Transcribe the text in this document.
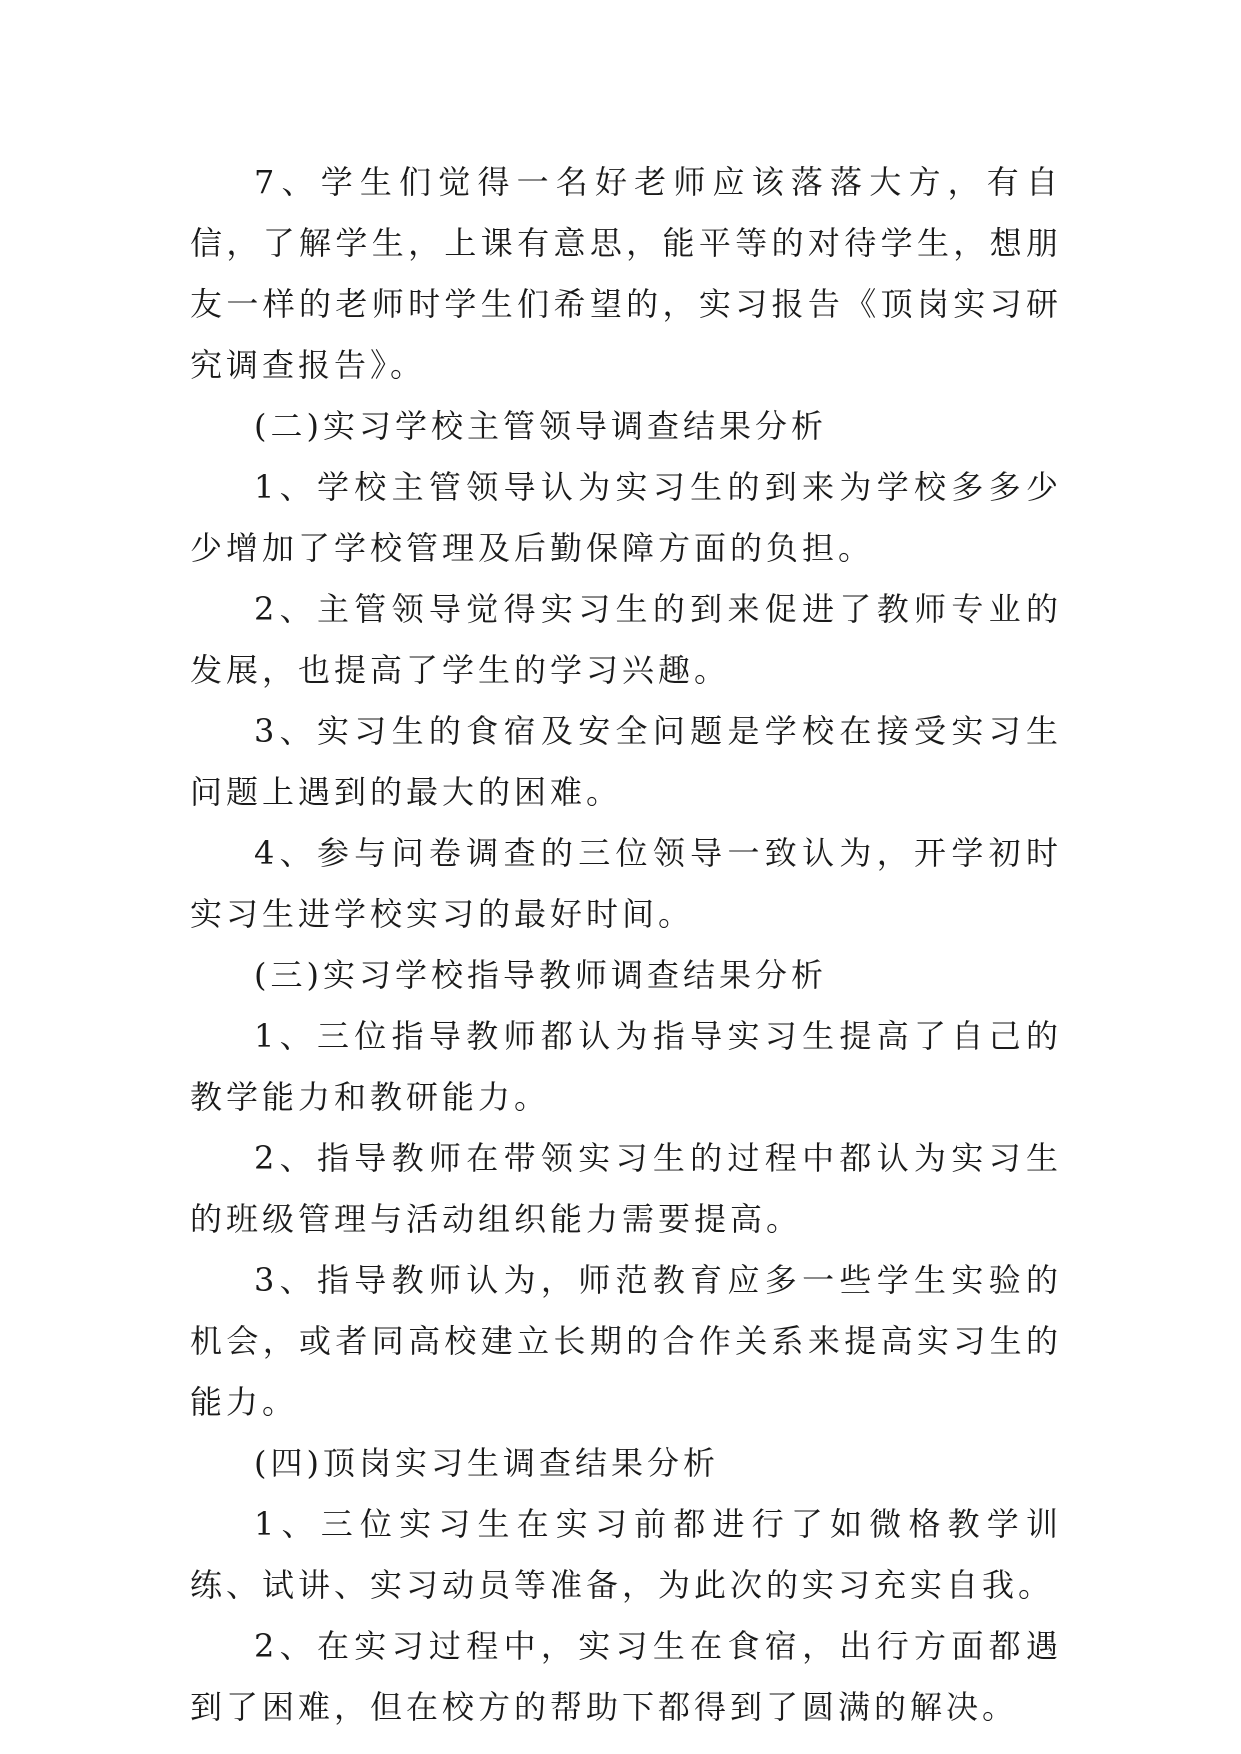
7、学生们觉得一名好老师应该落落大方，有自信，了解学生，上课有意思，能平等的对待学生，想朋友一样的老师时学生们希望的，实习报告《顶岗实习研究调查报告》。

(二)实习学校主管领导调查结果分析

1、学校主管领导认为实习生的到来为学校多多少少增加了学校管理及后勤保障方面的负担。

2、主管领导觉得实习生的到来促进了教师专业的发展，也提高了学生的学习兴趣。

3、实习生的食宿及安全问题是学校在接受实习生问题上遇到的最大的困难。

4、参与问卷调查的三位领导一致认为，开学初时实习生进学校实习的最好时间。

(三)实习学校指导教师调查结果分析

1、三位指导教师都认为指导实习生提高了自己的教学能力和教研能力。

2、指导教师在带领实习生的过程中都认为实习生的班级管理与活动组织能力需要提高。

3、指导教师认为，师范教育应多一些学生实验的机会，或者同高校建立长期的合作关系来提高实习生的能力。

(四)顶岗实习生调查结果分析

1、三位实习生在实习前都进行了如微格教学训练、试讲、实习动员等准备，为此次的实习充实自我。

2、在实习过程中，实习生在食宿，出行方面都遇到了困难，但在校方的帮助下都得到了圆满的解决。
